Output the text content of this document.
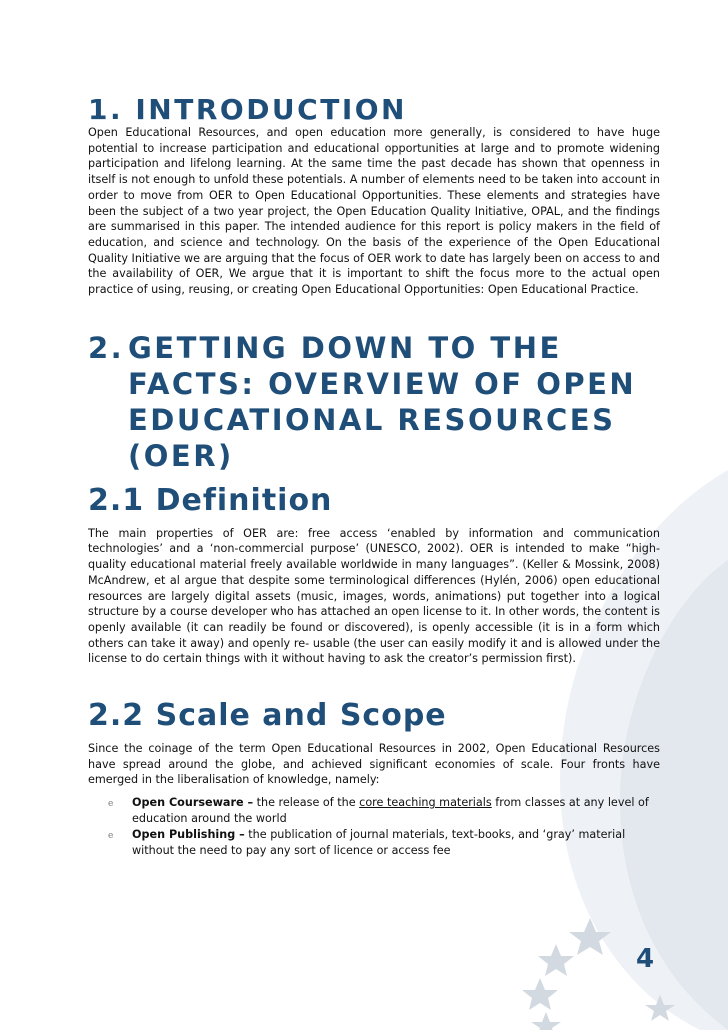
1. INTRODUCTION

Open Educational Resources, and open education more generally, is considered to have huge potential to increase participation and educational opportunities at large and to promote widening participation and lifelong learning. At the same time the past decade has shown that openness in itself is not enough to unfold these potentials. A number of elements need to be taken into account in order to move from OER to Open Educational Opportunities. These elements and strategies have been the subject of a two year project, the Open Education Quality Initiative, OPAL, and the findings are summarised in this paper. The intended audience for this report is policy makers in the field of education, and science and technology. On the basis of the experience of the Open Educational Quality Initiative we are arguing that the focus of OER work to date has largely been on access to and the availability of OER, We argue that it is important to shift the focus more to the actual open practice of using, reusing, or creating Open Educational Opportunities: Open Educational Practice.

2. GETTING DOWN TO THE
FACTS: OVERVIEW OF OPEN
EDUCATIONAL RESOURCES
(OER)
2.1 Definition

The main properties of OER are: free access ‘enabled by information and communication technologies’ and a ‘non-commercial purpose’ (UNESCO, 2002). OER is intended to make “high-quality educational material freely available worldwide in many languages”. (Keller & Mossink, 2008) McAndrew, et al argue that despite some terminological differences (Hylén, 2006) open educational resources are largely digital assets (music, images, words, animations) put together into a logical structure by a course developer who has attached an open license to it. In other words, the content is openly available (it can readily be found or discovered), is openly accessible (it is in a form which others can take it away) and openly re- usable (the user can easily modify it and is allowed under the license to do certain things with it without having to ask the creator’s permission first).

2.2 Scale and Scope

Since the coinage of the term Open Educational Resources in 2002, Open Educational Resources have spread around the globe, and achieved significant economies of scale. Four fronts have emerged in the liberalisation of knowledge, namely:

e	Open Courseware – the release of the core teaching materials from classes at any level of education around the world
e	Open Publishing – the publication of journal materials, text-books, and ‘gray’ material without the need to pay any sort of licence or access fee
4
